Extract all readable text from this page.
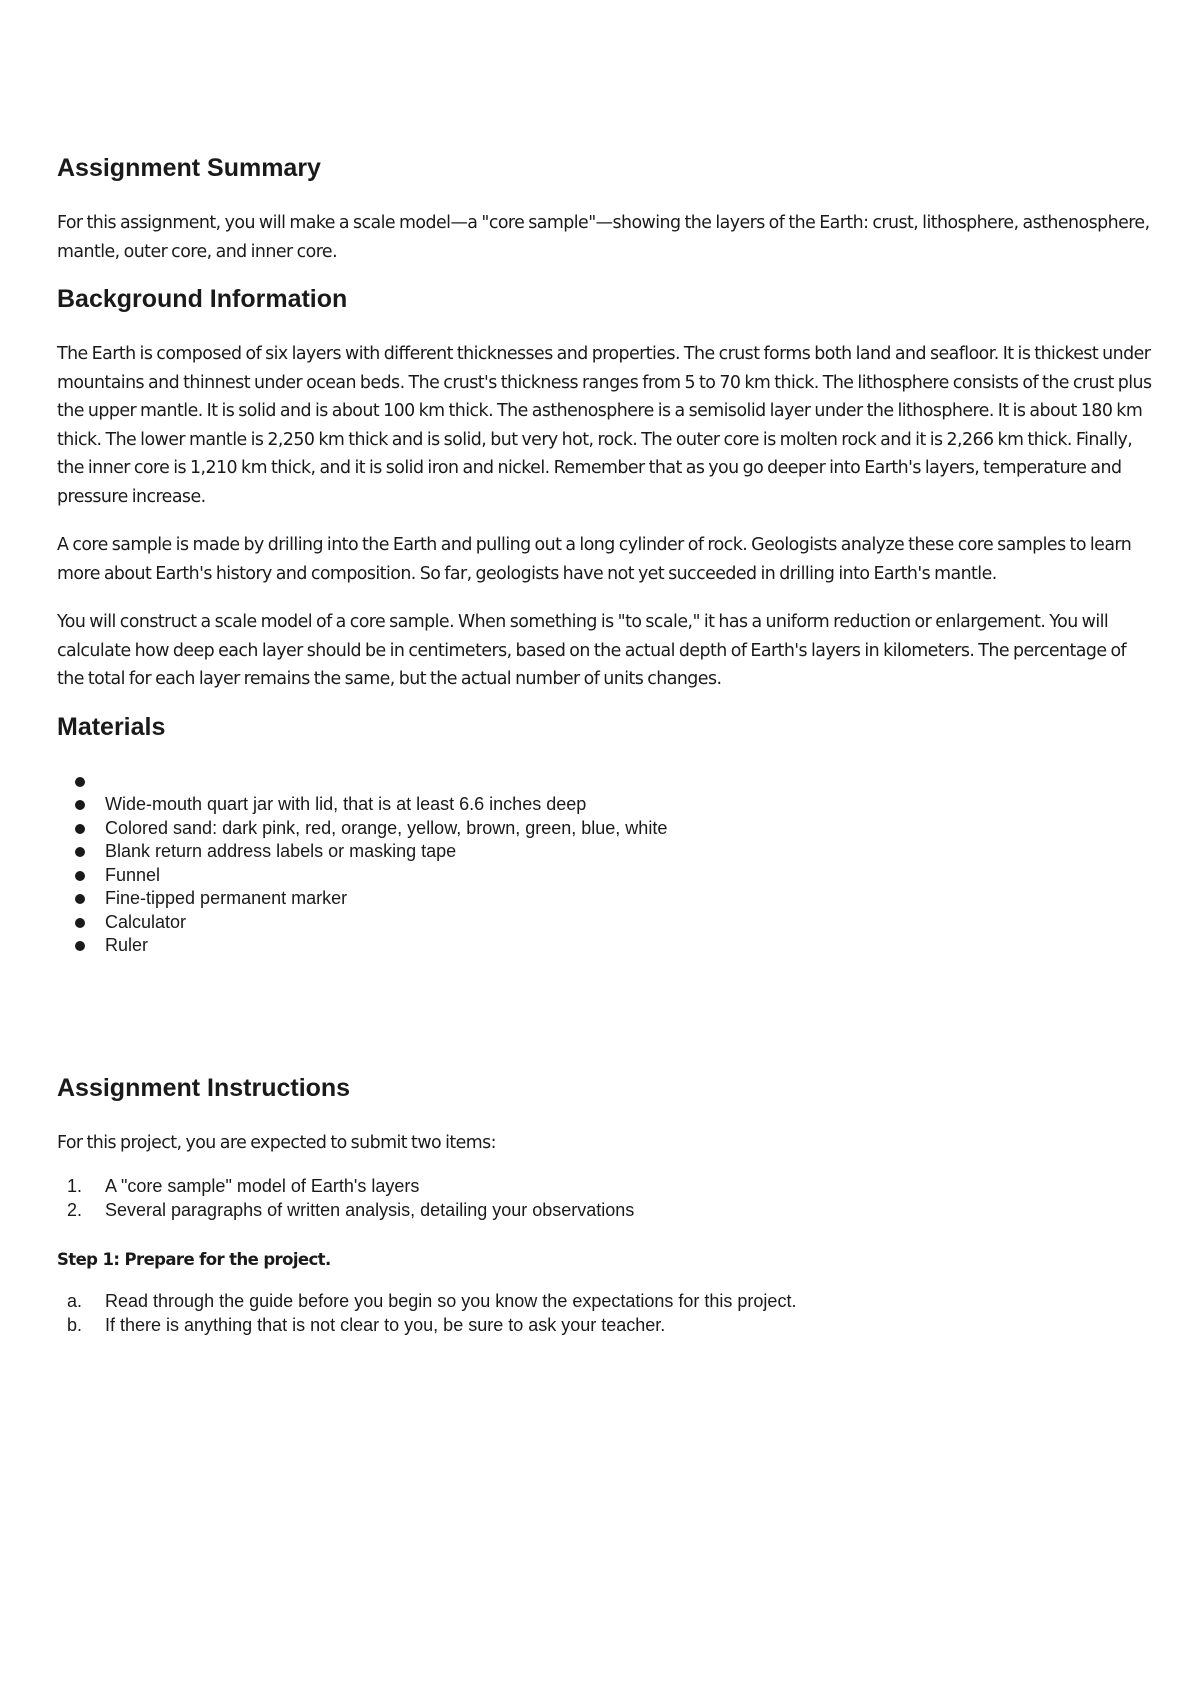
Assignment Summary

For this assignment, you will make a scale model—a "core sample"—showing the layers of the Earth: crust, lithosphere, asthenosphere, mantle, outer core, and inner core.

Background Information

The Earth is composed of six layers with different thicknesses and properties. The crust forms both land and seafloor. It is thickest under mountains and thinnest under ocean beds. The crust's thickness ranges from 5 to 70 km thick. The lithosphere consists of the crust plus the upper mantle. It is solid and is about 100 km thick. The asthenosphere is a semisolid layer under the lithosphere. It is about 180 km thick. The lower mantle is 2,250 km thick and is solid, but very hot, rock. The outer core is molten rock and it is 2,266 km thick. Finally, the inner core is 1,210 km thick, and it is solid iron and nickel. Remember that as you go deeper into Earth's layers, temperature and pressure increase.

A core sample is made by drilling into the Earth and pulling out a long cylinder of rock. Geologists analyze these core samples to learn more about Earth's history and composition. So far, geologists have not yet succeeded in drilling into Earth's mantle.

You will construct a scale model of a core sample. When something is "to scale," it has a uniform reduction or enlargement. You will calculate how deep each layer should be in centimeters, based on the actual depth of Earth's layers in kilometers. The percentage of the total for each layer remains the same, but the actual number of units changes.

Materials
Wide-mouth quart jar with lid, that is at least 6.6 inches deep
Colored sand: dark pink, red, orange, yellow, brown, green, blue, white
Blank return address labels or masking tape
Funnel
Fine-tipped permanent marker
Calculator
Ruler
Assignment Instructions

For this project, you are expected to submit two items:

1. A "core sample" model of Earth's layers
2. Several paragraphs of written analysis, detailing your observations
Step 1: Prepare for the project.
a. Read through the guide before you begin so you know the expectations for this project.
b. If there is anything that is not clear to you, be sure to ask your teacher.
